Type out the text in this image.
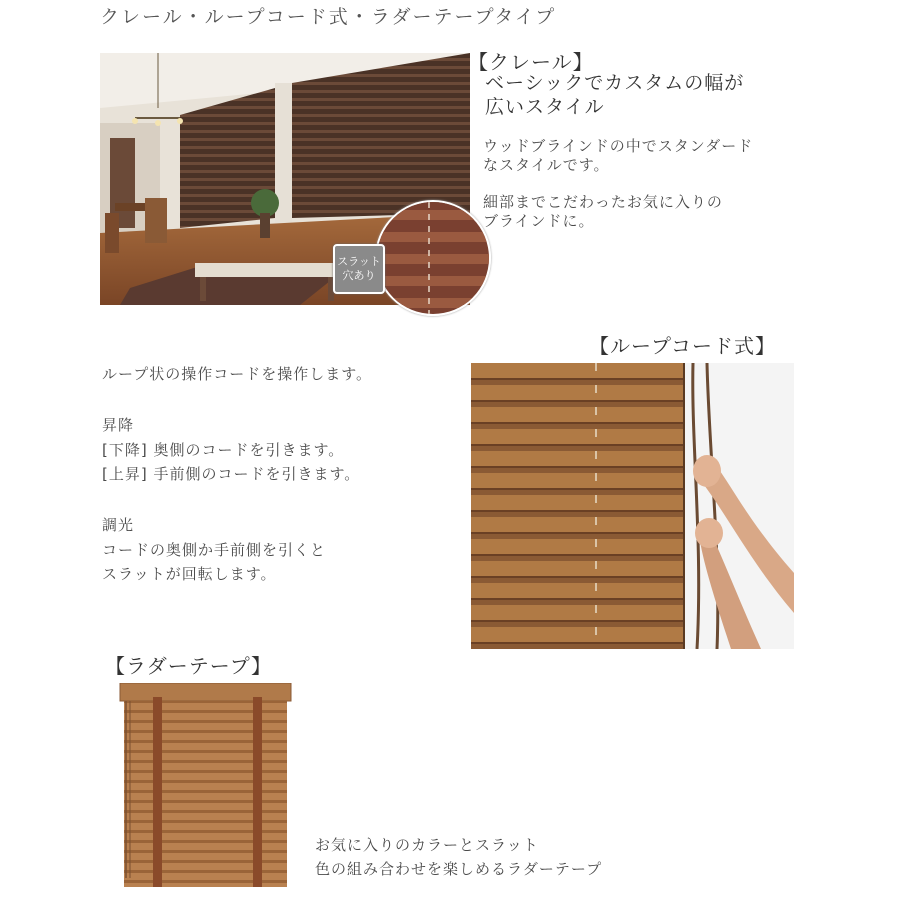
クレール・ループコード式・ラダーテープタイプ
スラット
穴あり
【クレール】
ベーシックでカスタムの幅が
広いスタイル
ウッドブラインドの中でスタンダード
なスタイルです。
細部までこだわったお気に入りの
ブラインドに。
【ループコード式】
ループ状の操作コードを操作します。
昇降
[下降] 奥側のコードを引きます。
[上昇] 手前側のコードを引きます。
調光
コードの奥側か手前側を引くと
スラットが回転します。
【ラダーテープ】
お気に入りのカラーとスラット
色の組み合わせを楽しめるラダーテープ
